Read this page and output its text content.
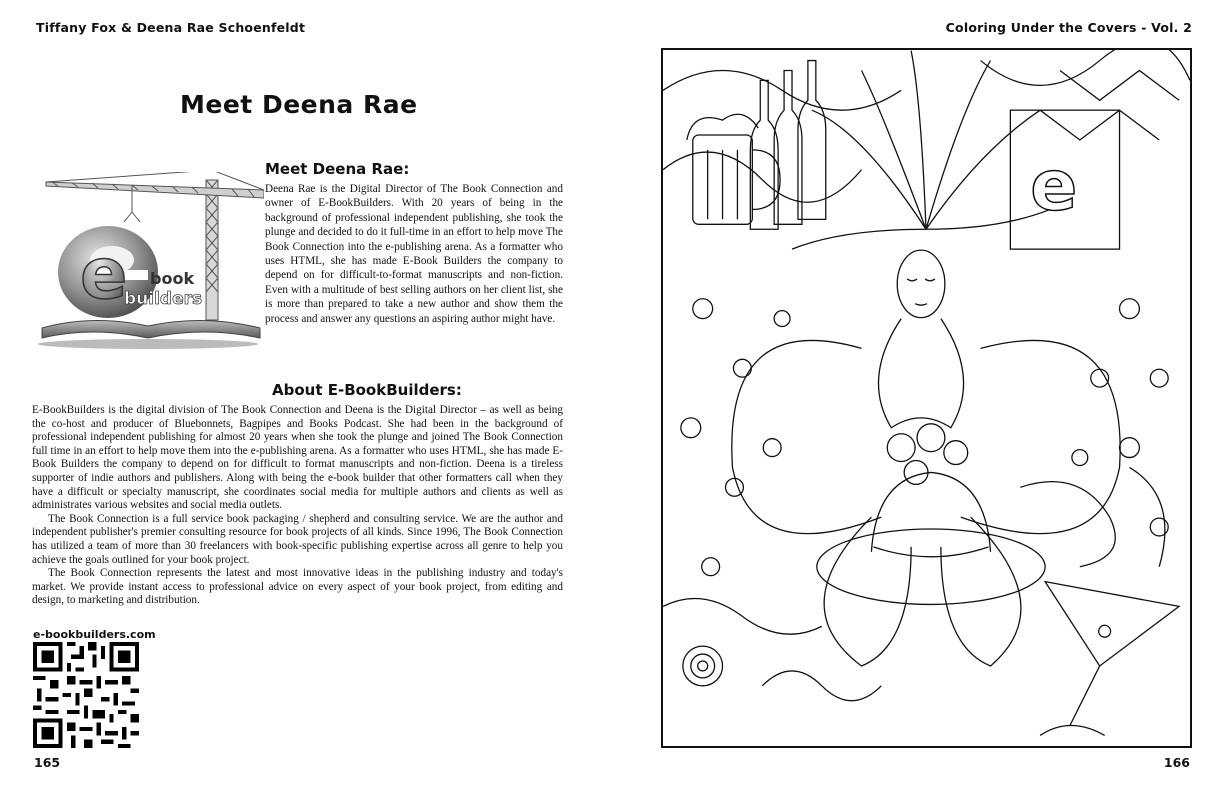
Tiffany Fox & Deena Rae Schoenfeldt	Coloring Under the Covers - Vol. 2
Meet Deena Rae
e book
builders
Meet Deena Rae:

Deena Rae is the Digital Director of The Book Connection and owner of E-BookBuilders. With 20 years of being in the background of professional independent publishing, she took the plunge and decided to do it full-time in an effort to help move The Book Connection into the e-publishing arena. As a formatter who uses HTML, she has made E-Book Builders the company to depend on for difficult-to-format manuscripts and non-fiction. Even with a multitude of best selling authors on her client list, she is more than prepared to take a new author and show them the process and answer any questions an aspiring author might have.

About E-BookBuilders:

E-BookBuilders is the digital division of The Book Connection and Deena is the Digital Director – as well as being the co-host and producer of Bluebonnets, Bagpipes and Books Podcast. She had been in the background of professional independent publishing for almost 20 years when she took the plunge and joined The Book Connection full time in an effort to help move them into the e-publishing arena. As a formatter who uses HTML, she has made E-Book Builders the company to depend on for difficult to format manuscripts and non-fiction. Deena is a tireless supporter of indie authors and publishers. Along with being the e-book builder that other formatters call when they have a difficult or specialty manuscript, she coordinates social media for multiple authors and clients as well as administrates various websites and social media outlets.

The Book Connection is a full service book packaging / shepherd and consulting service. We are the author and independent publisher's premier consulting resource for book projects of all kinds. Since 1996, The Book Connection has utilized a team of more than 30 freelancers with book-specific publishing expertise across all genre to help you achieve the goals outlined for your book project.

The Book Connection represents the latest and most innovative ideas in the publishing industry and today's market. We provide instant access to professional advice on every aspect of your book project, from editing and design, to marketing and distribution.

e-bookbuilders.com
165
e
166
